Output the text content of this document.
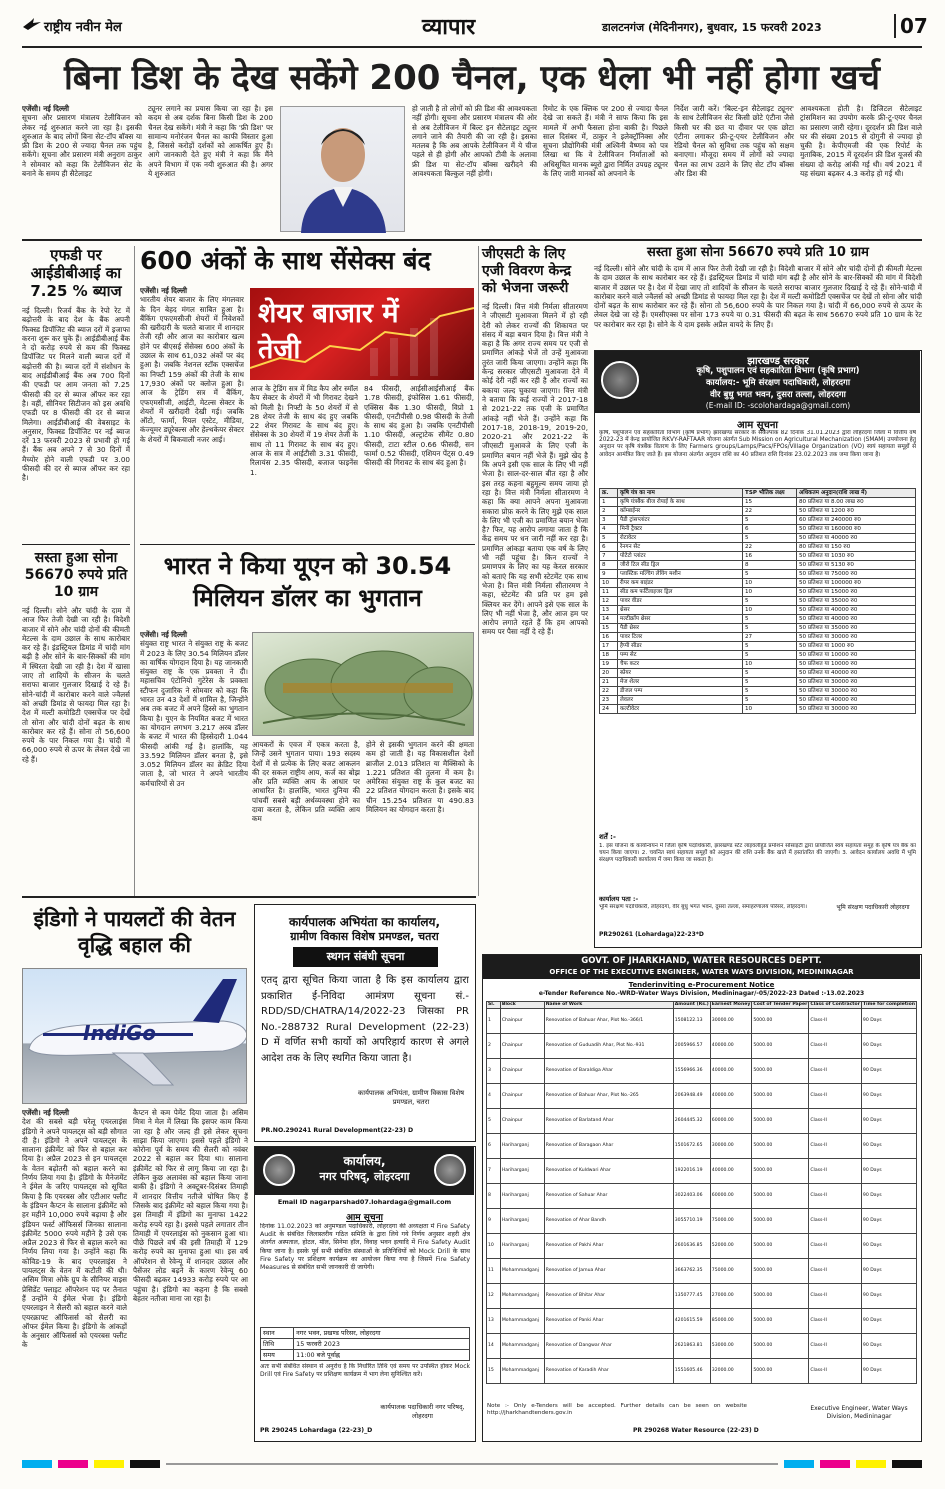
राष्ट्रीय नवीन मेल	व्यापार	डालटनगंज (मेदिनीनगर), बुधवार, 15 फरवरी 2023	07
बिना डिश के देख सकेंगे 200 चैनल, एक धेला भी नहीं होगा खर्च
एजेंसी। नई दिल्ली
सूचना और प्रसारण मंत्रालय टेलीविजन को लेकर नई शुरुआत करने जा रहा है। इसकी शुरुआत के बाद लोगों बिना सेट-टॉप बॉक्स या फ्री डिश के 200 से ज्यादा चैनल तक पहुंच सकेंगे। सूचना और प्रसारण मंत्री अनुराग ठाकुर ने सोमवार को कहा कि टेलीविजन सेट के बनाने के समय ही सैटेलाइट
ट्यूनर लगाने का प्रयास किया जा रहा है। इस कदम से अब दर्शक बिना किसी डिश के 200 चैनल देख सकेंगे। मंत्री ने कहा कि 'फ्री डिश' पर सामान्य मनोरंजन चैनल का काफी विस्तार हुआ है, जिससे करोड़ों दर्शकों को आकर्षित हुए हैं। आगे जानकारी देते हुए मंत्री ने कहा कि मैंने अपने विभाग में एक नयी शुरुआत की है। अगर ये शुरुआत
हो जाती है तो लोगों को फ्री डिश की आवश्यकता नहीं होगी। सूचना और प्रसारण मंत्रालय की ओर से अब टेलीविजन में बिल्ट इन सैटेलाइट ट्यूनर लगाने जाने की तैयारी की जा रही है। इसका मतलब है कि अब आपके टेलीविजन में ये चीज पहले से ही होगी और आपको टीवी के अलावा फ्री डिश या सेट-टॉप बॉक्स खरीदने की आवश्यकता बिल्कुल नहीं होगी।
रिमोट के एक क्लिक पर 200 से ज्यादा चैनल देखे जा सकते हैं। मंत्री ने साफ किया कि इस मामले में अभी फैसला होना बाकी है। पिछले साल दिसंबर में, ठाकुर ने इलेक्ट्रॉनिक्स और सूचना प्रौद्योगिकी मंत्री अश्विनी वैष्णव को पत्र लिखा था कि वे टेलीविजन निर्माताओं को अधिसूचित मानक ब्यूरो द्वारा निर्मित उपग्रह ट्यूनर के लिए जारी मानकों को अपनाने के
निर्देश जारी करें। 'बिल्ट-इन सैटेलाइट ट्यूनर' के साथ टेलीविजन सेट किसी छोटे एंटीना जैसे किसी घर की छत या दीवार पर एक छोटा एंटीना लगाकर फ्री-टू-एयर टेलीविजन और रेडियो चैनल को सुविधा तक पहुंच को सक्षम बनाएगा। मौजूदा समय में लोगों को ज्यादा चैनल का लाभ उठाने के लिए सेट टॉप बॉक्स और डिश की
आवश्यकता होती है। डिजिटल सैटेलाइट ट्रांसमिशन का उपयोग करके फ्री-टू-एयर चैनल का प्रसारण जारी रहेगा। दूरदर्शन फ्री डिश वाले घर की संख्या 2015 से दोगुनी से ज्यादा हो चुकी है। केपीएमजी की एक रिपोर्ट के मुताबिक, 2015 में दूरदर्शन फ्री डिश यूजर्स की संख्या दो करोड़ आंकी गई थी। वर्ष 2021 में यह संख्या बढ़कर 4.3 करोड़ हो गई थी।
एफडी पर आईडीबीआई का 7.25 % ब्याज
नई दिल्ली। रिजर्व बैंक के रेपो रेट में बढ़ोत्तरी के बाद देश के बैंक अपनी फिक्स्ड डिपॉजिट की ब्याज दरों में इजाफा करना शुरू कर चुके हैं। आईडीबीआई बैंक ने दो करोड़ रुपये से कम की फिक्स्ड डिपॉजिट पर मिलने वाली ब्याज दरों में बढ़ोत्तरी की है। ब्याज दरों में संशोधन के बाद आईडीबीआई बैंक अब 700 दिनों की एफडी पर आम जनता को 7.25 फीसदी की दर से ब्याज ऑफर कर रहा है। वहीं, सीनियर सिटीजन को इस अवधि एफडी पर 8 फीसदी की दर से ब्याज मिलेगा। आईडीबीआई की वेबसाइट के अनुसार, फिक्स्ड डिपॉजिट पर नई ब्याज दरें 13 फरवरी 2023 से प्रभावी हो गई हैं। बैंक अब अपने 7 से 30 दिनों में मैच्योर होने वाली एफडी पर 3.00 फीसदी की दर से ब्याज ऑफर कर रहा है।
सस्ता हुआ सोना 56670 रुपये प्रति 10 ग्राम
नई दिल्ली। सोने और चांदी के दाम में आज फिर तेजी देखी जा रही है। विदेशी बाजार में सोने और चांदी दोनों की कीमती मेटल्स के दाम उछाल के साथ कारोबार कर रहे हैं। इंडस्ट्रियल डिमांड में चांदी मांग बढ़ी है और सोने के बार-सिक्कों की मांग में स्थिरता देखी जा रही है। देश में खासा जाए तो शादियों के सीजन के चलते सराफा बाजार गुलजार दिखाई दे रहे हैं। सोने-चांदी में कारोबार करने वाले ज्वैलर्स को अच्छी डिमांड से फायदा मिल रहा है। देश में मल्टी कमोडिटी एक्सचेंज पर देखें तो सोना और चांदी दोनों बढ़त के साथ कारोबार कर रहे हैं। सोना तो 56,600 रुपये के पार निकल गया है। चांदी में 66,000 रुपये से ऊपर के लेवल देखे जा रहे हैं।
600 अंकों के साथ सेंसेक्स बंद
एजेंसी। नई दिल्ली
भारतीय शेयर बाजार के लिए मंगलवार के दिन बेहद मंगल साबित हुआ है। बैंकिंग एफएमसीजी शेयरों में निवेशकों की खरीदारी के चलते बाजार में शानदार तेजी रही और आज का कारोबार खत्म होने पर बीएसई सेंसेक्स 600 अंकों के उछाल के साथ 61,032 अंकों पर बंद हुआ है। जबकि नेशनल स्टॉक एक्सचेंज का निफ्टी 159 अंकों की तेजी के साथ 17,930 अंकों पर क्लोज हुआ है। आज के ट्रेडिंग सत्र में बैंकिंग, एफएमसीजी, आईटी, मेटल्स सेक्टर के शेयरों में खरीदारी देखी गई। जबकि ऑटो, फार्मा, रियल एस्टेट, मीडिया, कंज्यूमर ड्यूरेबल्स और हेल्थकेयर सेक्टर के शेयरों में बिकवाली नजर आई।
शेयर बाजार में तेजी
आज के ट्रेडिंग सत्र में मिड कैप और स्मॉल कैप सेक्टर के शेयरों में भी गिरावट देखने को मिली है। निफ्टी के 50 शेयरों में से 28 शेयर तेजी के साथ बंद हुए जबकि 22 शेयर गिरावट के साथ बंद हुए। सेंसेक्स के 30 शेयरों में 19 शेयर तेजी के साथ तो 11 गिरावट के साथ बंद हुए। आज के सत्र में आईटीसी 3.31 फीसदी, रिलायंस 2.35 फीसदी, बजाज फाइनेंस 1.
84 फीसदी, आईसीआईसीआई बैंक 1.78 फीसदी, इंफोसिस 1.61 फीसदी, एक्सिस बैंक 1.30 फीसदी, विप्रो 1 फीसदी, एनटीपीसी 0.98 फीसदी के तेजी के साथ बंद हुआ है। जबकि एनटीपीसी 1.10 फीसदी, अल्ट्राटेक सीमेंट 0.80 फीसदी, टाटा स्टील 0.66 फीसदी, सन फार्मा 0.52 फीसदी, एशियन पेंट्स 0.49 फीसदी की गिरावट के साथ बंद हुआ है।
भारत ने किया यूएन को 30.54 मिलियन डॉलर का भुगतान
एजेंसी। नई दिल्ली
संयुक्त राष्ट्र भारत ने संयुक्त राष्ट्र के बजट में 2023 के लिए 30.54 मिलियन डॉलर का वार्षिक योगदान दिया है। यह जानकारी संयुक्त राष्ट्र के एक प्रवक्ता ने दी। महासचिव एंटोनियो गुटेरेस के प्रवक्ता स्टीफन दुजारिक ने सोमवार को कहा कि भारत उन 43 देशों में शामिल है, जिन्होंने अब तक बजट में अपने हिस्से का भुगतान किया है। यूएन के नियमित बजट में भारत का योगदान लगभग 3.217 अरब डॉलर के बजट में भारत की हिस्सेदारी 1.044 फीसदी आंकी गई है। हालांकि, यह 33.592 मिलियन डॉलर बनता है, इसे 3.052 मिलियन डॉलर का क्रेडिट दिया जाता है, जो भारत ने अपने भारतीय कर्मचारियों से उन
आयकरों के एवज में एकत्र करता है, जिन्हें उसने भुगतान पाया। 193 सदस्य देशों में से प्रत्येक के लिए बजट आकलन की दर सकल राष्ट्रीय आय, कर्ज का बोझ और प्रति व्यक्ति आय के आधार पर आधारित है। हालांकि, भारत दुनिया की पांचवीं सबसे बड़ी अर्थव्यवस्था होने का दावा करता है, लेकिन प्रति व्यक्ति आय कम
होने से इसकी भुगतान करने की क्षमता कम हो जाती है। यह विकासशील देशों ब्राजील 2.013 प्रतिशत या मैक्सिको के 1.221 प्रतिशत की तुलना में कम है। अमेरिका संयुक्त राष्ट्र के कुल बजट का 22 प्रतिशत योगदान करता है। इसके बाद चीन 15.254 प्रतिशत या 490.83 मिलियन का योगदान करता है।
जीएसटी के लिए एजी विवरण केन्द्र को भेजना जरूरी
नई दिल्ली। वित्त मंत्री निर्मला सीतारमण ने जीएसटी मुआवजा मिलने में हो रही देरी को लेकर राज्यों की शिकायत पर संसद में बड़ा बयान दिया है। वित्त मंत्री ने कहा है कि अगर राज्य समय पर एजी से प्रमाणित आंकड़े भेजें तो उन्हें मुआवजा तुरंत जारी किया जाएगा। उन्होंने कहा कि केन्द्र सरकार जीएसटी मुआवजा देने में कोई देरी नहीं कर रही है और राज्यों का बकाया जल्द चुकाया जाएगा। वित्त मंत्री ने बताया कि कई राज्यों ने 2017-18 से 2021-22 तक एजी के प्रमाणित आंकड़े नहीं भेजे हैं। उन्होंने कहा कि 2017-18, 2018-19, 2019-20, 2020-21 और 2021-22 के जीएसटी मुआवजे के लिए एजी के प्रमाणित बयान नहीं भेजे हैं। मुझे खेद है कि अपने इसी एक साल के लिए भी नहीं भेजा है। साल-दर-साल बीत रहा है और इस तरह कहना बहुमूल्य समय जाया हो रहा है। वित्त मंत्री निर्मला सीतारमण ने कहा कि क्या आपने अपना मुआवजा सकारा प्रोफ़ करने के लिए मुझे एक साल के लिए भी एजी का प्रमाणित बयान भेजा है? फिर, यह आरोप लगाया जाता है कि केंद्र समय पर धन जारी नहीं कर रहा है। प्रमाणित आंकड़ा बताया एक वर्ष के लिए भी नहीं पहुंचा है। किन राज्यों ने प्रमाणपत्र के लिए का यह केरल सरकार को बताएं कि यह सभी स्टेटमेंट एक साथ भेजा है। वित्त मंत्री निर्मला सीतारमण ने कहा, स्टेटमेंट की प्रति पर हम इसे क्लियर कर देंगे। आपने इसे एक साल के लिए भी नहीं भेजा है, और आज हम पर आरोप लगाते रहते हैं कि हम आपको समय पर पैसा नहीं दे रहे हैं।
सस्ता हुआ सोना 56670 रुपये प्रति 10 ग्राम
नई दिल्ली। सोने और चांदी के दाम में आज फिर तेजी देखी जा रही है। विदेशी बाजार में सोने और चांदी दोनों ही कीमती मेटल्स के दाम उछाल के साथ कारोबार कर रहे हैं। इंडस्ट्रियल डिमांड में चांदी मांग बढ़ी है और सोने के बार-सिक्कों की मांग में विदेशी बाजार में उछाल पर है। देश में देखा जाए तो शादियों के सीजन के चलते सराफा बाजार गुलजार दिखाई दे रहे हैं। सोने-चांदी में कारोबार करने वाले ज्वैलर्स को अच्छी डिमांड से फायदा मिल रहा है। देश में मल्टी कमोडिटी एक्सचेंज पर देखें तो सोना और चांदी दोनों बढ़त के साथ कारोबार कर रहे हैं। सोना तो 56,600 रुपये के पार निकल गया है। चांदी में 66,000 रुपये से ऊपर के लेवल देखे जा रहे हैं। एमसीएक्स पर सोना 173 रुपये या 0.31 फीसदी की बढ़त के साथ 56670 रुपये प्रति 10 ग्राम के रेट पर कारोबार कर रहा है। सोने के ये दाम इसके अप्रैल वायदे के लिए हैं।
झारखण्ड सरकार
कृषि, पशुपालन एवं सहकारिता विभाग (कृषि प्रभाग)
कार्यालय:- भूमि संरक्षण पदाधिकारी, लोहरदगा
वीर बुधु भगत भवन, दुसरा तल्ला, लोहरदगा
(E-mail ID: -scolohardaga@gmail.com)
आम सूचना
कृषि, पशुपालन एवं सहकारिता विभाग (कृषि प्रभाग) झारखण्ड सरकार के संकल्पांक 82 दिनांक 31.01.2023 द्वारा लोहरदगा जिला में वित्तीय वर्ष 2022-23 में केन्द्र प्रायोजित RKVY-RAFTAAR योजना अंतर्गत Sub Mission on Agricultural Mechanization (SMAM) उपयोजना हेतु अनुदान पर कृषि यंत्रबैंक वितरण के लिए Farmers groups/Lamps/Pacs/FPOs/Village Organization (VO) स्वयं सहायता समूहों से आवेदन आमंत्रित किए जाते हैं। इस योजना अंतर्गत अनुदान राशि का 40 प्रतिशत राशि दिनांक 23.02.2023 तक जमा किया जाना है।
क्र.	कृषि यंत्र का नाम	TSP भौतिक लक्ष्य	अधिकतम अनुदान(राशि लाख में)
1	कृषि यंत्रबैंक बीज रोपाई के साथ	15	80 प्रतिशत या 8.00 लाख रु0
2	कॉम्बाईनर	22	50 प्रतिशत या 1200 रु0
3	पैडी ट्रांसप्लांटर	5	60 प्रतिशत या 240000 रु0
4	मिनी ट्रैक्टर	6	50 प्रतिशत या 160000 रु0
5	रोटावेटर	5	50 प्रतिशत या 40000 रु0
6	रेनगन सेट	22	80 प्रतिशत या 150 रु0
7	पोटेटो प्लांटर	16	50 प्रतिशत या 1030 रु0
8	जीरो टिल सीड ड्रिल	8	50 प्रतिशत या 5130 रु0
9	प्लास्टिक मल्चिंग लेयिंग मशीन	5	50 प्रतिशत या 75000 रु0
10	रीपर कम बाइंडर	10	50 प्रतिशत या 100000 रु0
11	सीड कम फर्टिलाइजर ड्रिल	10	50 प्रतिशत या 15000 रु0
12	पावर वीडर	5	50 प्रतिशत या 35000 रु0
13	थ्रेसर	10	50 प्रतिशत या 40000 रु0
14	मल्टीक्रॉप थ्रेसर	5	50 प्रतिशत या 40000 रु0
15	पैडी थ्रेसर	5	50 प्रतिशत या 35000 रु0
16	पावर टिलर	27	50 प्रतिशत या 30000 रु0
17	हैप्पी सीडर	5	50 प्रतिशत या 1000 रु0
18	पम्प सेट	5	50 प्रतिशत या 10000 रु0
19	चैफ कटर	10	50 प्रतिशत या 10000 रु0
20	स्प्रेयर	5	50 प्रतिशत या 40000 रु0
21	मेज शेलर	5	50 प्रतिशत या 30000 रु0
22	डीजल पम्प	5	50 प्रतिशत या 30000 रु0
23	लेवलर	5	50 प्रतिशत या 40000 रु0
24	कल्टीवेटर	10	50 प्रतिशत या 30000 रु0
शर्तें :-
1. इस योजना के कार्यान्वयन में जिला कृषि पदाधिकारी, झारखण्ड स्टेट लाइवलीहुड प्रमोशन सोसाइटी द्वारा प्रायोजित स्वयं सहायता समूह के कृषि यंत्र बैंक का चयन किया जाएगा। 2. चयनित स्वयं सहायता समूहों को अनुदान की राशि उनके बैंक खाते में हस्तांतरित की जाएगी। 3. आवेदन कार्यालय अवधि में भूमि संरक्षण पदाधिकारी कार्यालय में जमा किया जा सकता है।
कार्यालय पता :-
भूमि संरक्षण पदाधिकारी, लोहरदगा, वीर बुधु भगत भवन, दुसरा तल्ला, समाहरणालय परिसर, लोहरदगा।	भूमि संरक्षण पदाधिकारी लोहरदगा
PR290261 (Lohardaga)22-23*D
इंडिगो ने पायलटों की वेतन वृद्धि बहाल की
IndiGo
एजेंसी। नई दिल्ली
देश की सबसे बड़ी घरेलू एयरलाइंस इंडिगो ने अपने पायलट्स को बड़ी सौगात दी है। इंडिगो ने अपने पायलट्स के सालाना इंक्रीमेंट को फिर से बहाल कर दिया है। अप्रैल 2023 से इन पायलट्स के वेतन बढ़ोतरी को बहाल करने का निर्णय लिया गया है। इंडिगो के मैनेजमेंट ने ईमेल के जरिए पायलट्स को सूचित किया है कि एयरबस और एटीआर फ्लीट के इंडियन कैप्टन के सालाना इंक्रीमेंट को हर महीने 10,000 रुपये बढ़ाया है और इंडियन फर्स्ट ऑफिसर्स जिनका सालाना इंक्रीमेंट 5000 रुपये महीने है उसे एक अप्रैल 2023 से फिर से बहाल करने का निर्णय लिया गया है। उन्होंने कहा कि कोविड-19 के बाद एयरलाइंस ने पायलट्स के वेतन में कटौती की थी। असिम मित्रा ओके ग्रुप के सीनियर वाइस प्रेसिडेंट फ्लाइट ऑपरेशन पद पर तैनात हैं उन्होंने ये ईमेल भेजा है। इंडिगो एयरलाइन ने सैलरी को बहाल करने वाले एयरक्राफ्ट ऑफिसर्स को सैलरी का ऑफर ईमेल किया है। इंडिगो के आंकड़ों के अनुसार ऑफिसर्स को एयरबस फ्लीट के
कैप्टन से कम पेमेंट दिया जाता है। असिम मित्रा ने मेल में लिखा कि इसपर काम किया जा रहा है और जल्द ही इसे लेकर सूचना साझा किया जाएगा। इससे पहले इंडिगो ने कोरोना पूर्व के समय की सैलरी को नवंबर 2022 से बहाल कर दिया था। सालाना इंक्रीमेंट को फिर से लागू किया जा रहा है। लेकिन कुछ अलावंस को बहाल किया जाना बाकी है। इंडिगो ने अक्टूबर-दिसंबर तिमाही में शानदार वित्तीय नतीजे घोषित किए हैं जिसके बाद इंक्रीमेंट को बहाल किया गया है। इस तिमाही में इंडिगो का मुनाफा 1422 करोड़ रुपये रहा है। इससे पहले लगातार तीन तिमाही में एयरलाइंस को नुकसान हुआ था। पीछे पिछले वर्ष की इसी तिमाही में 129 करोड़ रुपये का मुनाफा हुआ था। इस वर्ष ऑपरेशन से रेवेन्यू में शानदार उछाल और पैसेंजर लोड बढ़ने के कारण रेवेन्यू 60 फीसदी बढ़कर 14933 करोड़ रुपये पर आ पहुंचा है। इंडिगो का कहना है कि सबसे बेहतर नतीजा माना जा रहा है।
कार्यपालक अभियंता का कार्यालय,
ग्रामीण विकास विशेष प्रमण्डल, चतरा
स्थगन संबंधी सूचना
एतद् द्वारा सूचित किया जाता है कि इस कार्यालय द्वारा प्रकाशित ई-निविदा आमंत्रण सूचना सं.-RDD/SD/CHATRA/14/2022-23 जिसका PR No.-288732 Rural Development (22-23) D में वर्णित सभी कार्यो को अपरिहार्य कारण से अगले आदेश तक के लिए स्थगित किया जाता है।
कार्यपालक अभियंता, ग्रामीण विकास विशेष प्रमण्डल, चतरा
PR.NO.290241 Rural Development(22-23) D
कार्यालय,
नगर परिषद्, लोहरदगा
Email ID nagarparshad07.lohardaga@gmail.com
आम सूचना
दिनांक 11.02.2023 को अनुमण्डल पदाधिकारी, लोहरदगा की अध्यक्षता में Fire Safety Audit के संबंधित जिलास्तरीय गठित समिति के द्वारा लिये गये निर्णय अनुसार शहरी क्षेत्र अंतर्गत अस्पताल, होटल, मॉल, सिनेमा हॉल, विवाह भवन इत्यादि में Fire Safety Audit किया जाना है। इसके पूर्व सभी संबंधित संस्थाओं के प्रतिनिधियों को Mock Drill के साथ Fire Safety पर प्रशिक्षण कार्यक्रम का आयोजन किया गया है जिसमें Fire Safety Measures से संबंधित सभी जानकारी दी जायेगी।
स्थान	नगर भवन, प्रखण्ड परिसर, लोहरदगा
तिथि	15 फरवरी 2023
समय	11:00 बजे पूर्वाह्न
अतः सभी संबंधित संस्थान से अनुरोध है कि निर्धारित तिथि एवं समय पर उपस्थित होकर Mock Drill एवं Fire Safety पर प्रशिक्षण कार्यक्रम में भाग लेना सुनिश्चित करें।
कार्यपालक पदाधिकारी नगर परिषद्, लोहरदगा
PR 290245 Lohardaga (22-23)_D
GOVT. OF JHARKHAND, WATER RESOURCES DEPTT.
OFFICE OF THE EXECUTIVE ENGINEER, WATER WAYS DIVISION, MEDININAGAR
Tenderinviting e-Procurement Notice
e-Tender Reference No.-WRD-Water Ways Division, Medininagar/-05/2022-23 Dated :-13.02.2023
Sl.	Block	Name of Work	Amount (Rs.)	Earnest Money	Cost of Tender Paper	Class of Contractor	Time for completion
1	Chainpur	Renovation of Bahuar Ahar, Plot No.-366/1	1508122.13	30000.00	5000.00	Class-II	90 Days
2	Chainpur	Renovation of Guduadih Ahar, Plot No.-931	2005966.57	40000.00	5000.00	Class-II	90 Days
3	Chainpur	Renovation of Baraldiga Ahar	1556966.36	40000.00	5000.00	Class-II	90 Days
4	Chainpur	Renovation of Bahuar Ahar, Plot No.-265	2063948.49	40000.00	5000.00	Class-II	90 Days
5	Chainpur	Renovation of Barlatand Ahar	2604445.32	60000.00	5000.00	Class-II	90 Days
6	Hariharganj	Renovation of Baragaon Ahar	1501672.65	30000.00	5000.00	Class-II	90 Days
7	Hariharganj	Renovation of Kuldwari Ahar	1922016.19	40000.00	5000.00	Class-II	90 Days
8	Hariharganj	Renovation of Sahuar Ahar	3022403.06	60000.00	5000.00	Class-II	90 Days
9	Hariharganj	Renovation of Ahar Bandh	3055710.19	75000.00	5000.00	Class-II	90 Days
10	Hariharganj	Renovation of Pakhi Ahar	2601636.85	52000.00	5000.00	Class-II	90 Days
11	Mohammadganj	Renovation of Jamua Ahar	3663762.35	75000.00	5000.00	Class-II	90 Days
12	Mohammadganj	Renovation of Bhitar Ahar	1350777.45	27000.00	5000.00	Class-II	90 Days
13	Mohammadganj	Renovation of Panki Ahar	4201615.59	85000.00	5000.00	Class-II	90 Days
14	Mohammadganj	Renovation of Dangwar Ahar	2621863.81	53000.00	5000.00	Class-II	90 Days
15	Mohammadganj	Renovation of Karadih Ahar	1551605.46	32000.00	5000.00	Class-II	90 Days
Note :- Only e-Tenders will be accepted. Further details can be seen on website http://jharkhandtenders.gov.in
Executive Engineer, Water Ways Division, Medininagar
PR 290268 Water Resource (22-23) D
